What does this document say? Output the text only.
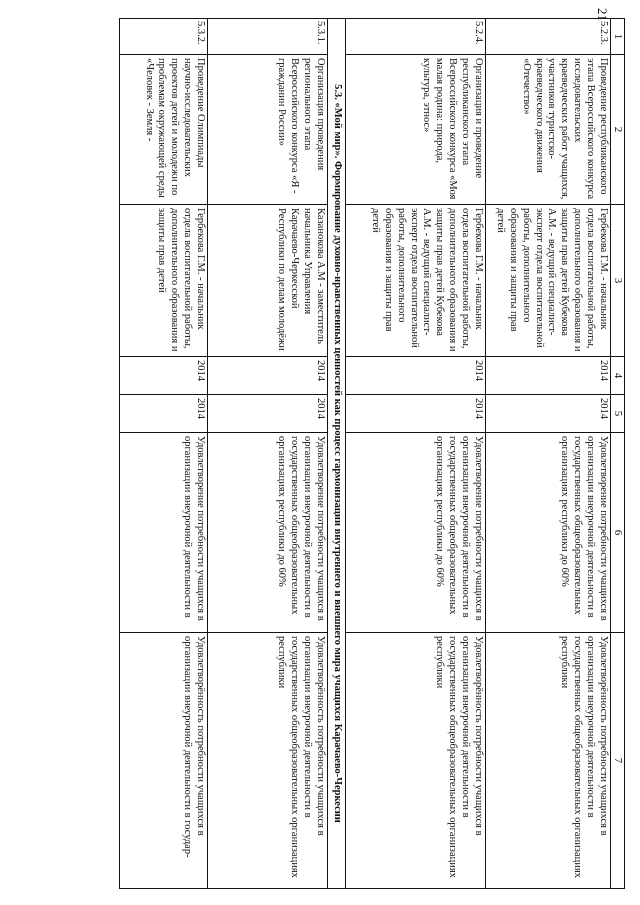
21
1	2	3	4	5	6	7
5.2.3.	Проведение республиканского этапа Всероссийского конкурса исследовательских краеведческих работ учащихся, участников туристско-краеведческого движения «Отечество»	Гербекова Г.М. - начальник отдела воспитательной работы, дополнительного образования и защиты прав детей Кубекова А.М. - ведущий специалист-эксперт отдела воспитательной работы, дополнительного образования и защиты прав детей	2014	2014	Удовлетворение потребности учащихся в организации внеурочной деятельности в государственных общеобразовательных организациях республики до 60%	Удовлетворённость потребности учащихся в организации внеурочной деятельности в государственных общеобразовательных организациях республики
5.2.4.	Организация и проведение республиканского этапа Всероссийского конкурса «Моя малая родина: природа, культура, этнос»	Гербекова Г.М. - начальник отдела воспитательной работы, дополнительного образования и защиты прав детей Кубекова А.М. - ведущий специалист-эксперт отдела воспитательной работы, дополнительного образования и защиты прав детей	2014	2014	Удовлетворение потребности учащихся в организации внеурочной деятельности в государственных общеобразовательных организациях республики до 60%	Удовлетворённость потребности учащихся в организации внеурочной деятельности в государственных общеобразовательных организациях республики
5.3. «Мой мир». Формирование духовно-нравственных ценностей как процесс гармонизации внутреннего и внешнего мира учащихся Карачаево-Черкесии						
5.3.1.	Организация проведения регионального этапа Всероссийского конкурса «Я - гражданин России»	Казанокова А.М - заместитель начальника Управления Карачаево-Черкесской Республики по делам молодёжи	2014	2014	Удовлетворение потребности учащихся в организации внеурочной деятельности в государственных общеобразовательных организациях республики до 60%	Удовлетворённость потребности учащихся в организации внеурочной деятельности в государственных общеобразовательных организациях республики
5.3.2.	Проведение Олимпиады научно-исследовательских проектов детей и молодежи по проблемам окружающей среды «Человек - Земля -	Гербекова Г.М. - начальник отдела воспитательной работы, дополнительного образования и защиты прав детей	2014	2014	Удовлетворение потребности учащихся в организации внеурочной деятельности в	Удовлетворённость потребности учащихся в организации внеурочной деятельности в государ-
